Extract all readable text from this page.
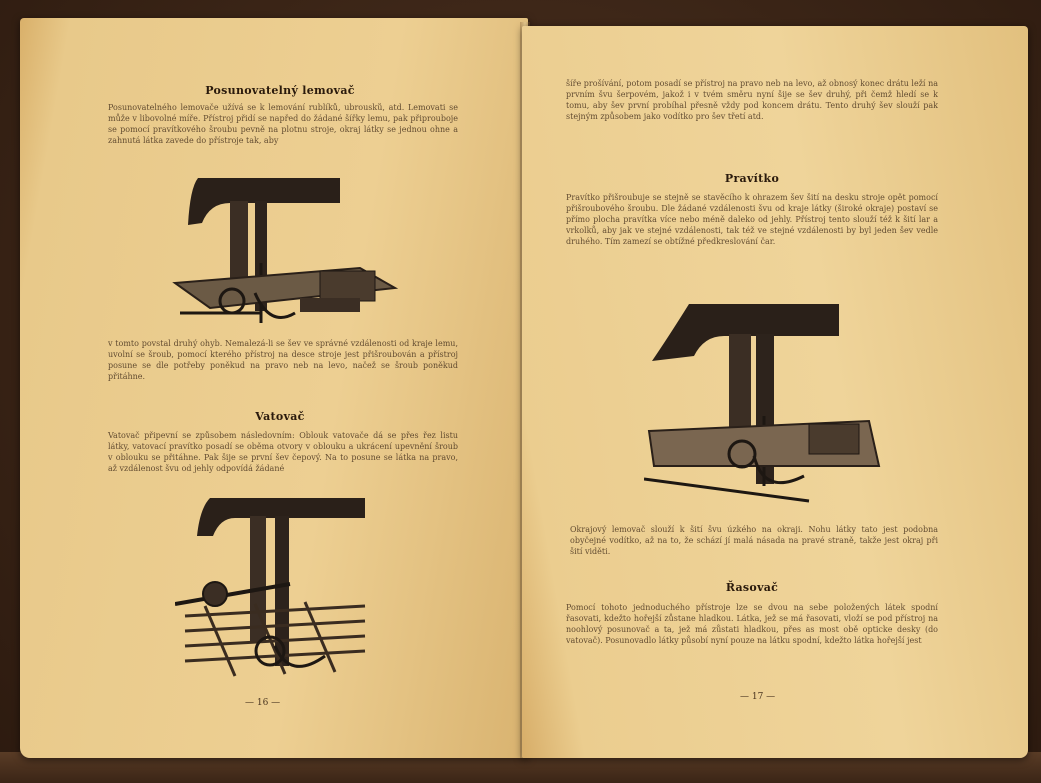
Posunovatelný lemovač

Posunovatelného lemovače užívá se k lemování rublíků, ubrousků, atd. Lemovati se může v libovolné míře. Přístroj přidí se napřed do žádané šířky lemu, pak připrouboje se pomocí pravítkového šroubu pevně na plotnu stroje, okraj látky se jednou ohne a zahnutá látka zavede do přístroje tak, aby

v tomto povstal druhý ohyb. Nemalezá-li se šev ve správné vzdálenosti od kraje lemu, uvolní se šroub, pomocí kterého přístroj na desce stroje jest přišroubován a přístroj posune se dle potřeby poněkud na pravo neb na levo, načež se šroub poněkud přitáhne.

Vatovač

Vatovač připevní se způsobem následovním: Oblouk vatovače dá se přes řez listu látky, vatovací pravítko posadí se oběma otvory v oblouku a ukrácení upevnění šroub v oblouku se přitáhne. Pak šije se první šev čepový. Na to posune se látka na pravo, až vzdálenost švu od jehly odpovídá žádané

— 16 —

šíře prošívání, potom posadí se přístroj na pravo neb na levo, až obnosý konec drátu leží na prvním švu šerpovém, jakož i v tvém směru nyní šije se šev druhý, při čemž hledí se k tomu, aby šev první probíhal přesně vždy pod koncem drátu. Tento druhý šev slouží pak stejným způsobem jako vodítko pro šev třetí atd.

Pravítko

Pravítko přišroubuje se stejně se stavěcího k ohrazem šev šití na desku stroje opět pomocí přišroubového šroubu. Dle žádané vzdálenosti švu od kraje látky (široké okraje) postaví se přímo plocha pravítka více nebo méně daleko od jehly. Přístroj tento slouží též k šití lar a vrkolků, aby jak ve stejné vzdálenosti, tak též ve stejné vzdálenosti by byl jeden šev vedle druhého. Tím zamezí se obtížné předkreslování čar.

Okrajový lemovač slouží k šití švu úzkého na okraji. Nohu látky tato jest podobna obyčejné vodítko, až na to, že schází jí malá násada na pravé straně, takže jest okraj při šití viděti.

Řasovač

Pomocí tohoto jednoduchého přístroje lze se dvou na sebe položených látek spodní řasovati, kdežto hořejší zůstane hladkou. Látka, jež se má řasovati, vloží se pod přístroj na noohlový posunovač a ta, jež má zůstati hladkou, přes as most obě opticke desky (do vatovač). Posunovadlo látky působí nyní pouze na látku spodní, kdežto látka hořejší jest

— 17 —
